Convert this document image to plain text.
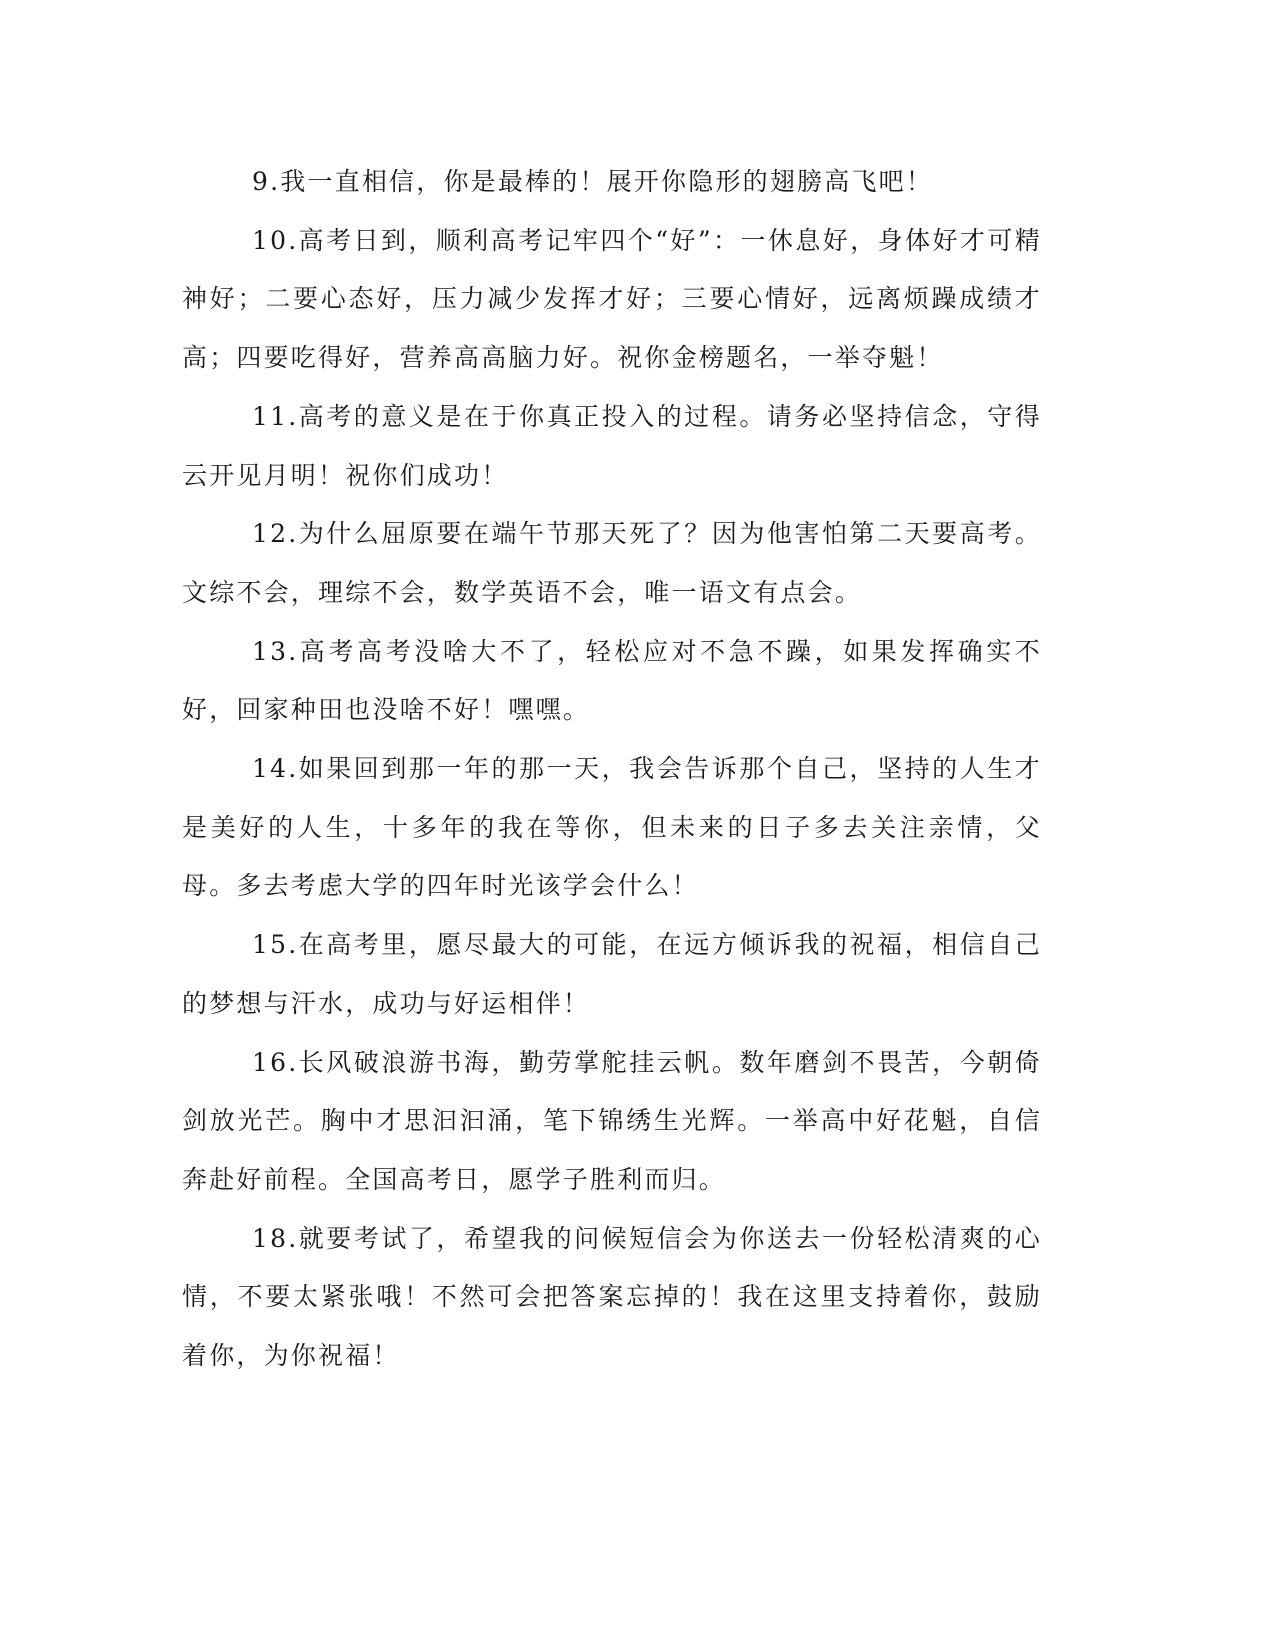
9.我一直相信，你是最棒的！展开你隐形的翅膀高飞吧！

10.高考日到，顺利高考记牢四个“好”：一休息好，身体好才可精神好；二要心态好，压力减少发挥才好；三要心情好，远离烦躁成绩才高；四要吃得好，营养高高脑力好。祝你金榜题名，一举夺魁！

11.高考的意义是在于你真正投入的过程。请务必坚持信念，守得云开见月明！祝你们成功！

12.为什么屈原要在端午节那天死了？因为他害怕第二天要高考。文综不会，理综不会，数学英语不会，唯一语文有点会。

13.高考高考没啥大不了，轻松应对不急不躁，如果发挥确实不好，回家种田也没啥不好！嘿嘿。

14.如果回到那一年的那一天，我会告诉那个自己，坚持的人生才是美好的人生，十多年的我在等你，但未来的日子多去关注亲情，父母。多去考虑大学的四年时光该学会什么！

15.在高考里，愿尽最大的可能，在远方倾诉我的祝福，相信自己的梦想与汗水，成功与好运相伴！

16.长风破浪游书海，勤劳掌舵挂云帆。数年磨剑不畏苦，今朝倚剑放光芒。胸中才思汩汩涌，笔下锦绣生光辉。一举高中好花魁，自信奔赴好前程。全国高考日，愿学子胜利而归。

18.就要考试了，希望我的问候短信会为你送去一份轻松清爽的心情，不要太紧张哦！不然可会把答案忘掉的！我在这里支持着你，鼓励着你，为你祝福！
